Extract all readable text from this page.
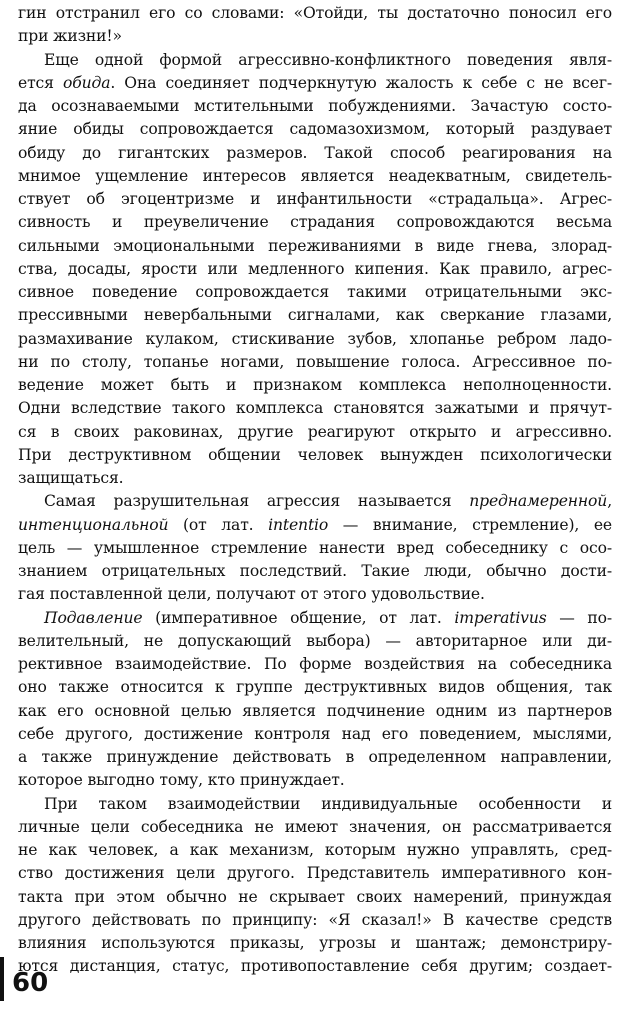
гин отстранил его со словами: «Отойди, ты достаточно поносил его
при жизни!»
Еще одной формой агрессивно-конфликтного поведения явля-
ется обида. Она соединяет подчеркнутую жалость к себе с не всег-
да осознаваемыми мстительными побуждениями. Зачастую состо-
яние обиды сопровождается садомазохизмом, который раздувает
обиду до гигантских размеров. Такой способ реагирования на
мнимое ущемление интересов является неадекватным, свидетель-
ствует об эгоцентризме и инфантильности «страдальца». Агрес-
сивность и преувеличение страдания сопровождаются весьма
сильными эмоциональными переживаниями в виде гнева, злорад-
ства, досады, ярости или медленного кипения. Как правило, агрес-
сивное поведение сопровождается такими отрицательными экс-
прессивными невербальными сигналами, как сверкание глазами,
размахивание кулаком, стискивание зубов, хлопанье ребром ладо-
ни по столу, топанье ногами, повышение голоса. Агрессивное по-
ведение может быть и признаком комплекса неполноценности.
Одни вследствие такого комплекса становятся зажатыми и прячут-
ся в своих раковинах, другие реагируют открыто и агрессивно.
При деструктивном общении человек вынужден психологически
защищаться.
Самая разрушительная агрессия называется преднамеренной,
интенциональной (от лат. intentio — внимание, стремление), ее
цель — умышленное стремление нанести вред собеседнику с осо-
знанием отрицательных последствий. Такие люди, обычно дости-
гая поставленной цели, получают от этого удовольствие.
Подавление (императивное общение, от лат. imperativus — по-
велительный, не допускающий выбора) — авторитарное или ди-
рективное взаимодействие. По форме воздействия на собеседника
оно также относится к группе деструктивных видов общения, так
как его основной целью является подчинение одним из партнеров
себе другого, достижение контроля над его поведением, мыслями,
а также принуждение действовать в определенном направлении,
которое выгодно тому, кто принуждает.
При таком взаимодействии индивидуальные особенности и
личные цели собеседника не имеют значения, он рассматривается
не как человек, а как механизм, которым нужно управлять, сред-
ство достижения цели другого. Представитель императивного кон-
такта при этом обычно не скрывает своих намерений, принуждая
другого действовать по принципу: «Я сказал!» В качестве средств
влияния используются приказы, угрозы и шантаж; демонстриру-
ются дистанция, статус, противопоставление себя другим; создает-
60
